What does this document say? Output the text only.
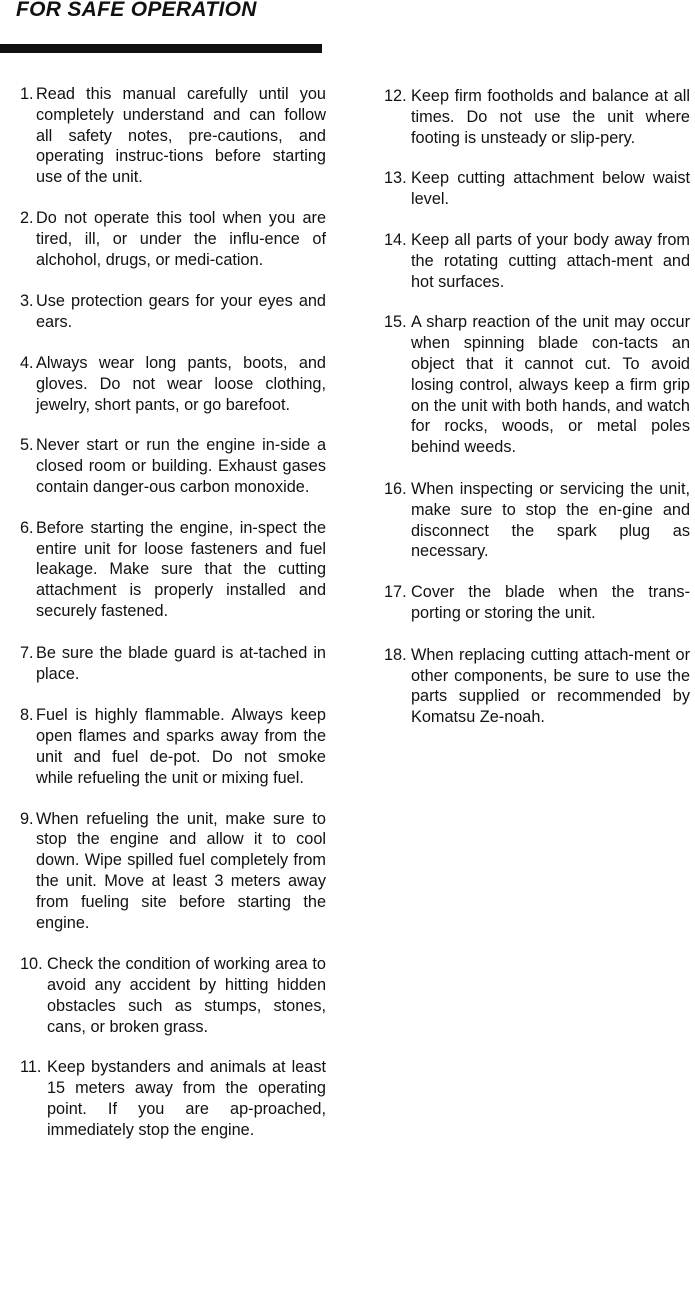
FOR SAFE OPERATION
1. Read this manual carefully until you completely understand and can follow all safety notes, pre-cautions, and operating instruc-tions before starting use of the unit.
2. Do not operate this tool when you are tired, ill, or under the influ-ence of alchohol, drugs, or medi-cation.
3. Use protection gears for your eyes and ears.
4. Always wear long pants, boots, and gloves. Do not wear loose clothing, jewelry, short pants, or go barefoot.
5. Never start or run the engine in-side a closed room or building. Exhaust gases contain danger-ous carbon monoxide.
6. Before starting the engine, in-spect the entire unit for loose fasteners and fuel leakage. Make sure that the cutting attachment is properly installed and securely fastened.
7. Be sure the blade guard is at-tached in place.
8. Fuel is highly flammable. Always keep open flames and sparks away from the unit and fuel de-pot. Do not smoke while refueling the unit or mixing fuel.
9. When refueling the unit, make sure to stop the engine and allow it to cool down. Wipe spilled fuel completely from the unit. Move at least 3 meters away from fueling site before starting the engine.
10. Check the condition of working area to avoid any accident by hitting hidden obstacles such as stumps, stones, cans, or broken grass.
11. Keep bystanders and animals at least 15 meters away from the operating point. If you are ap-proached, immediately stop the engine.
12. Keep firm footholds and balance at all times. Do not use the unit where footing is unsteady or slip-pery.
13. Keep cutting attachment below waist level.
14. Keep all parts of your body away from the rotating cutting attach-ment and hot surfaces.
15. A sharp reaction of the unit may occur when spinning blade con-tacts an object that it cannot cut. To avoid losing control, always keep a firm grip on the unit with both hands, and watch for rocks, woods, or metal poles behind weeds.
16. When inspecting or servicing the unit, make sure to stop the en-gine and disconnect the spark plug as necessary.
17. Cover the blade when the trans-porting or storing the unit.
18. When replacing cutting attach-ment or other components, be sure to use the parts supplied or recommended by Komatsu Ze-noah.
